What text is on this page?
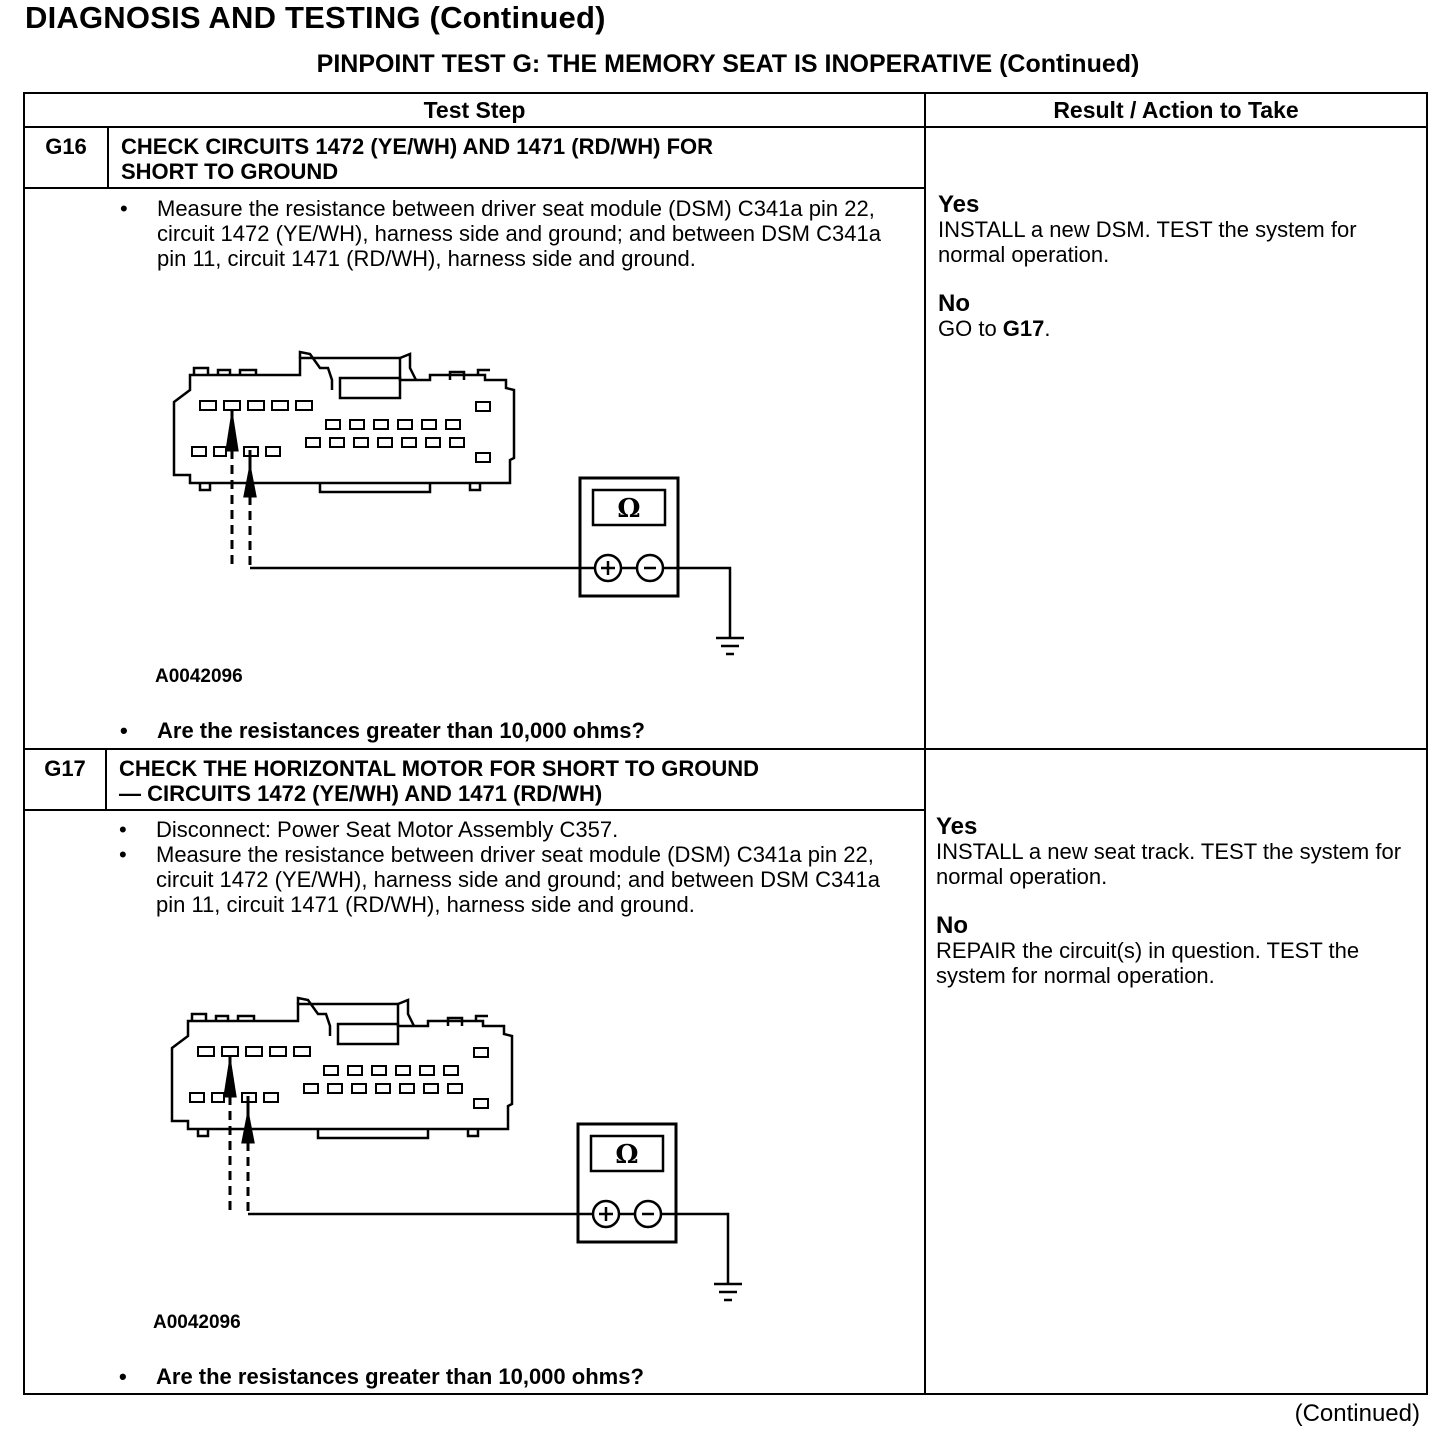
DIAGNOSIS AND TESTING (Continued)
PINPOINT TEST G: THE MEMORY SEAT IS INOPERATIVE (Continued)
Test Step	Result / Action to Take
G16	CHECK CIRCUITS 1472 (YE/WH) AND 1471 (RD/WH) FOR
SHORT TO GROUND
• Measure the resistance between driver seat module (DSM) C341a pin 22, circuit 1472 (YE/WH), harness side and ground; and between DSM C341a pin 11, circuit 1471 (RD/WH), harness side and ground.
Ω
A0042096
• Are the resistances greater than 10,000 ohms?
Yes
INSTALL a new DSM. TEST the system for normal operation.
No
GO to G17.
G17	CHECK THE HORIZONTAL MOTOR FOR SHORT TO GROUND
— CIRCUITS 1472 (YE/WH) AND 1471 (RD/WH)
• Disconnect: Power Seat Motor Assembly C357.
• Measure the resistance between driver seat module (DSM) C341a pin 22, circuit 1472 (YE/WH), harness side and ground; and between DSM C341a pin 11, circuit 1471 (RD/WH), harness side and ground.
Ω
A0042096
• Are the resistances greater than 10,000 ohms?
Yes
INSTALL a new seat track. TEST the system for normal operation.
No
REPAIR the circuit(s) in question. TEST the system for normal operation.
(Continued)
